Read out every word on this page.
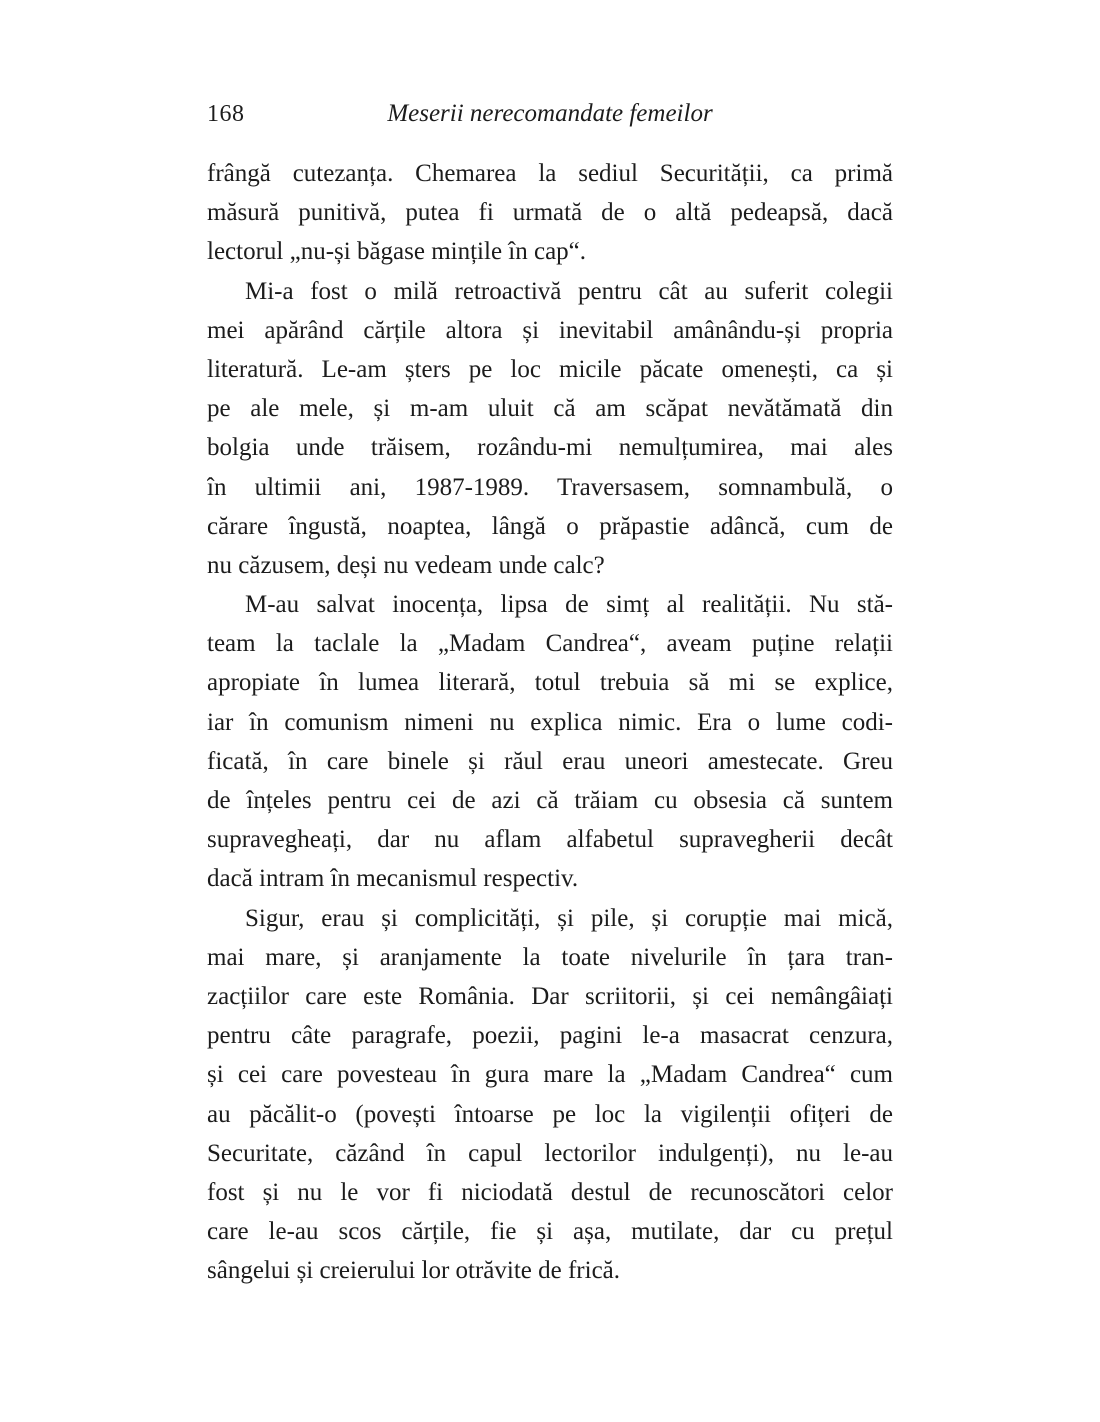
168	Meserii nerecomandate femeilor
frângă cutezanța. Chemarea la sediul Securității, ca primă
măsură punitivă, putea fi urmată de o altă pedeapsă, dacă
lectorul „nu-și băgase mințile în cap“.
Mi-a fost o milă retroactivă pentru cât au suferit colegii
mei apărând cărțile altora și inevitabil amânându-și propria
literatură. Le-am șters pe loc micile păcate omenești, ca și
pe ale mele, și m-am uluit că am scăpat nevătămată din
bolgia unde trăisem, rozându-mi nemulțumirea, mai ales
în ultimii ani, 1987-1989. Traversasem, somnambulă, o
cărare îngustă, noaptea, lângă o prăpastie adâncă, cum de
nu căzusem, deși nu vedeam unde calc?
M-au salvat inocența, lipsa de simț al realității. Nu stă-
team la taclale la „Madam Candrea“, aveam puține relații
apropiate în lumea literară, totul trebuia să mi se explice,
iar în comunism nimeni nu explica nimic. Era o lume codi-
ficată, în care binele și răul erau uneori amestecate. Greu
de înțeles pentru cei de azi că trăiam cu obsesia că suntem
supravegheați, dar nu aflam alfabetul supravegherii decât
dacă intram în mecanismul respectiv.
Sigur, erau și complicități, și pile, și corupție mai mică,
mai mare, și aranjamente la toate nivelurile în țara tran-
zacțiilor care este România. Dar scriitorii, și cei nemângâiați
pentru câte paragrafe, poezii, pagini le-a masacrat cenzura,
și cei care povesteau în gura mare la „Madam Candrea“ cum
au păcălit-o (povești întoarse pe loc la vigilenții ofițeri de
Securitate, căzând în capul lectorilor indulgenți), nu le-au
fost și nu le vor fi niciodată destul de recunoscători celor
care le-au scos cărțile, fie și așa, mutilate, dar cu prețul
sângelui și creierului lor otrăvite de frică.
